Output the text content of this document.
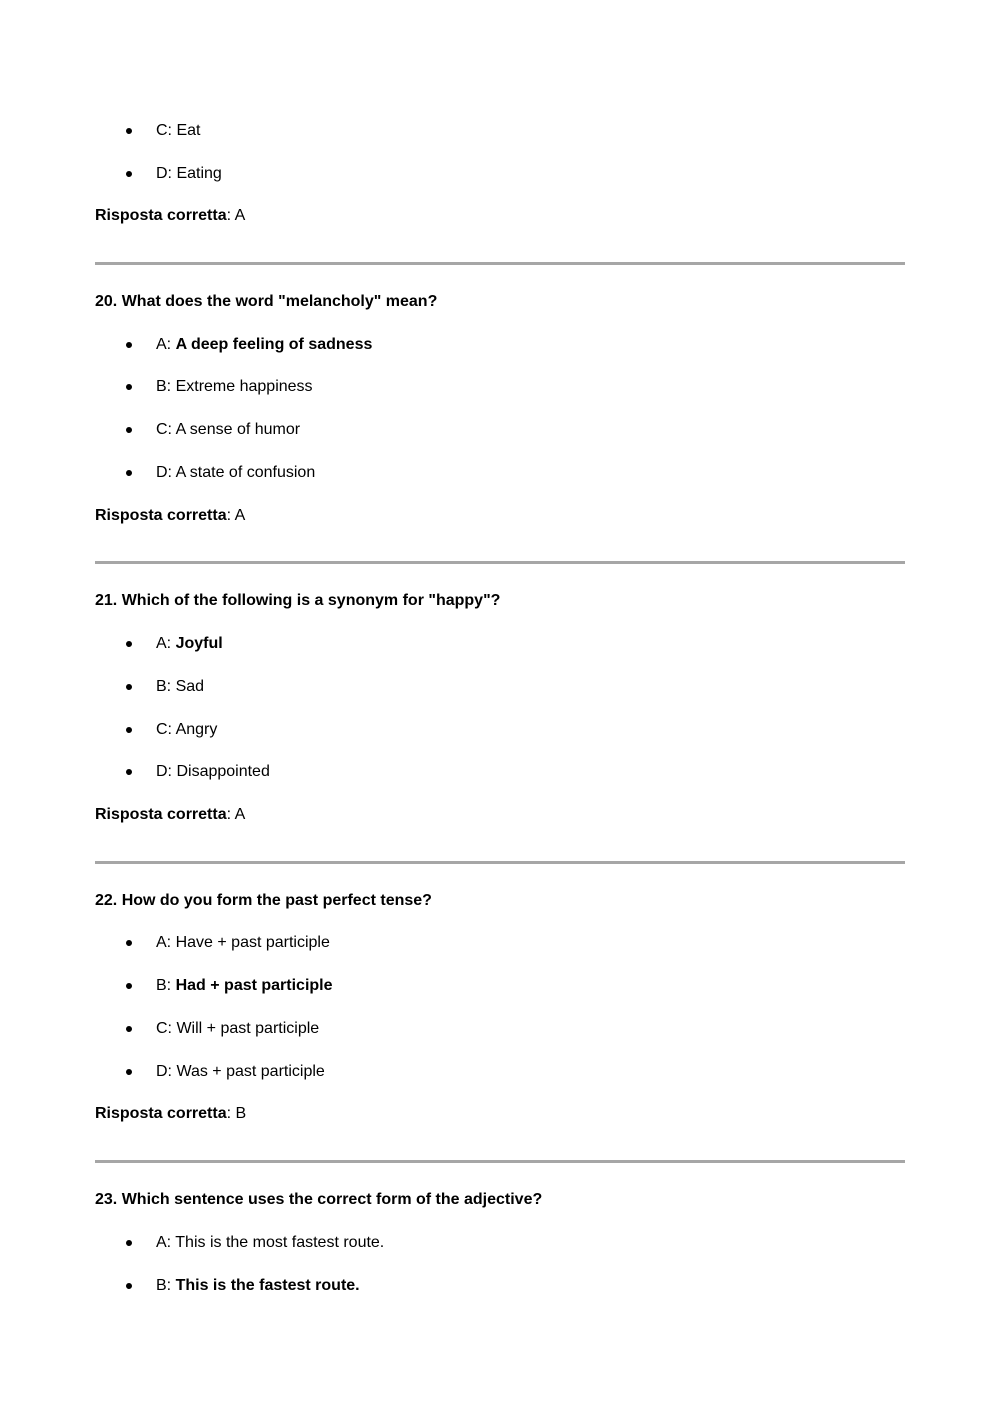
C: Eat
D: Eating
Risposta corretta: A
20. What does the word "melancholy" mean?
A: A deep feeling of sadness
B: Extreme happiness
C: A sense of humor
D: A state of confusion
Risposta corretta: A
21. Which of the following is a synonym for "happy"?
A: Joyful
B: Sad
C: Angry
D: Disappointed
Risposta corretta: A
22. How do you form the past perfect tense?
A: Have + past participle
B: Had + past participle
C: Will + past participle
D: Was + past participle
Risposta corretta: B
23. Which sentence uses the correct form of the adjective?
A: This is the most fastest route.
B: This is the fastest route.
